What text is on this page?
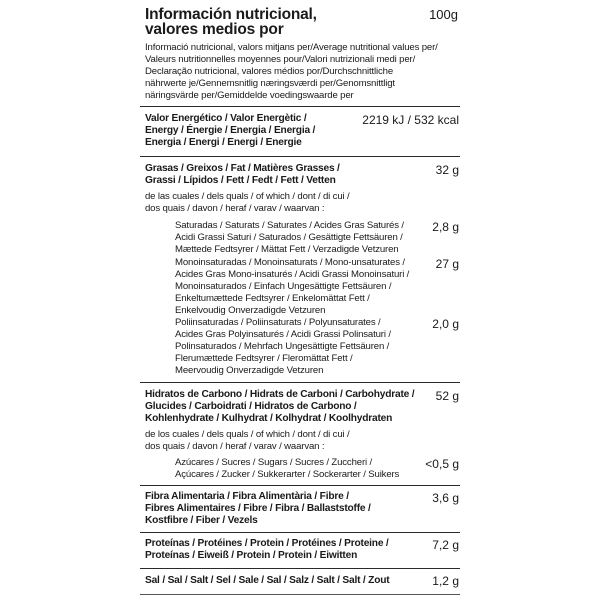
Información nutricional,
valores medios por
100g
Informació nutricional, valors mitjans per/Average nutritional values per/
Valeurs nutritionnelles moyennes pour/Valori nutrizionali medi per/
Declaração nutricional, valores médios por/Durchschnittliche
nährwerte je/Gennemsnitlig næringsværdi per/Genomsnittligt
näringsvärde per/Gemiddelde voedingswaarde per
Valor Energético / Valor Energètic /
Energy / Énergie / Energia / Energia /
Energia / Energi / Energi / Energie
2219 kJ / 532 kcal
Grasas / Greixos / Fat / Matières Grasses /
Grassi / Lípidos / Fett / Fedt / Fett / Vetten
32 g
de las cuales / dels quals / of which / dont / di cui /
dos quais / davon / heraf / varav / waarvan :
Saturadas / Saturats / Saturates / Acides Gras Saturés /
Acidi Grassi Saturi / Saturados / Gesättigte Fettsäuren /
Mættede Fedtsyrer / Mättat Fett / Verzadigde Vetzuren
2,8 g
Monoinsaturadas / Monoinsaturats / Mono-unsaturates /
Acides Gras Mono-insaturés / Acidi Grassi Monoinsaturi /
Monoinsaturados / Einfach Ungesättigte Fettsäuren /
Enkeltumættede Fedtsyrer / Enkelomättat Fett /
Enkelvoudig Onverzadigde Vetzuren
27 g
Poliinsaturadas / Poliinsaturats / Polyunsaturates /
Acides Gras Polyinsaturés / Acidi Grassi Polinsaturi /
Polinsaturados / Mehrfach Ungesättigte Fettsäuren /
Flerumættede Fedtsyrer / Fleromättat Fett /
Meervoudig Onverzadigde Vetzuren
2,0 g
Hidratos de Carbono / Hidrats de Carboni / Carbohydrate /
Glucides / Carboidrati / Hidratos de Carbono /
Kohlenhydrate / Kulhydrat / Kolhydrat / Koolhydraten
52 g
de los cuales / dels quals / of which / dont / di cui /
dos quais / davon / heraf / varav / waarvan :
Azúcares / Sucres / Sugars / Sucres / Zuccheri /
Açúcares / Zucker / Sukkerarter / Sockerarter / Suikers
<0,5 g
Fibra Alimentaria / Fibra Alimentària / Fibre /
Fibres Alimentaires / Fibre / Fibra / Ballaststoffe /
Kostfibre / Fiber / Vezels
3,6 g
Proteínas / Protéines / Protein / Protéines / Proteine /
Proteínas / Eiweiß / Protein / Protein / Eiwitten
7,2 g
Sal / Sal / Salt / Sel / Sale / Sal / Salz / Salt / Salt / Zout	1,2 g
